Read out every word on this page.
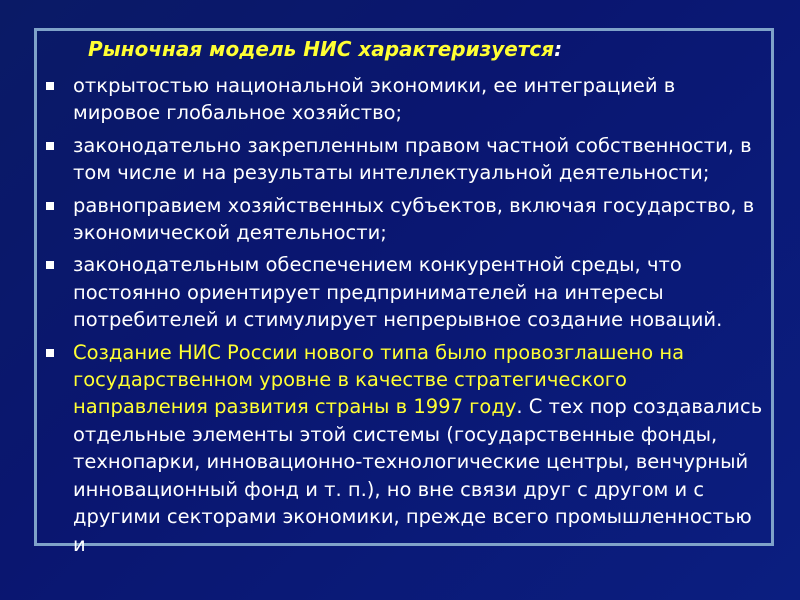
Рыночная модель НИС характеризуется:
открытостью национальной экономики, ее интеграцией в мировое глобальное хозяйство;
законодательно закрепленным правом частной собственности, в том числе и на результаты интеллектуальной деятельности;
равноправием хозяйственных субъектов, включая государство, в экономической деятельности;
законодательным обеспечением конкурентной среды, что постоянно ориентирует предпринимателей на интересы потребителей и стимулирует непрерывное создание новаций.
Создание НИС России нового типа было провозглашено на государственном уровне в качестве стратегического направления развития страны в 1997 году. С тех пор создавались отдельные элементы этой системы (государственные фонды, технопарки, инновационно-технологические центры, венчурный инновационный фонд и т. п.), но вне связи друг с другом и с другими секторами экономики, прежде всего промышленностью и
